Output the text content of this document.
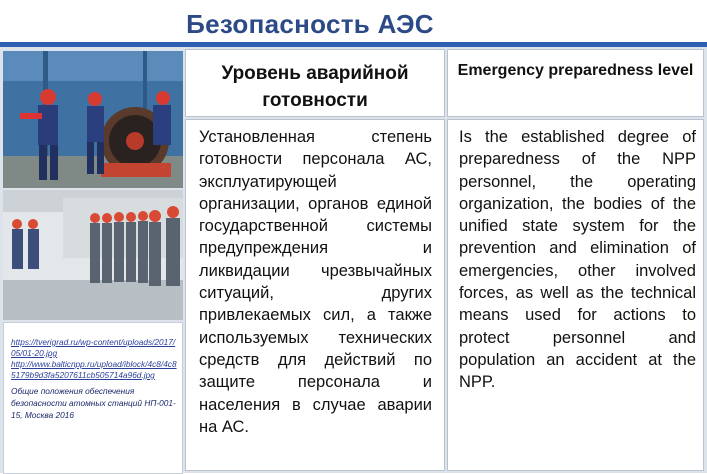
Безопасность АЭС
https://tverigrad.ru/wp-content/uploads/2017/05/01-20.jpg
http://www.balticnpp.ru/upload/iblock/4c8/4c85179b9d3fa5207611cb505714a96d.jpg
Общие положения обеспечения безопасности атомных станций НП-001-15, Москва 2016
Уровень аварийной готовности
Emergency preparedness level
Установленная степень готовности персонала АС, эксплуатирующей организации, органов единой государственной системы предупреждения и ликвидации чрезвычайных ситуаций, других привлекаемых сил, а также используемых технических средств для действий по защите персонала и населения в случае аварии на АС.
Is the established degree of preparedness of the NPP personnel, the operating organization, the bodies of the unified state system for the prevention and elimination of emergencies, other involved forces, as well as the technical means used for actions to protect personnel and population an accident at the NPP.
